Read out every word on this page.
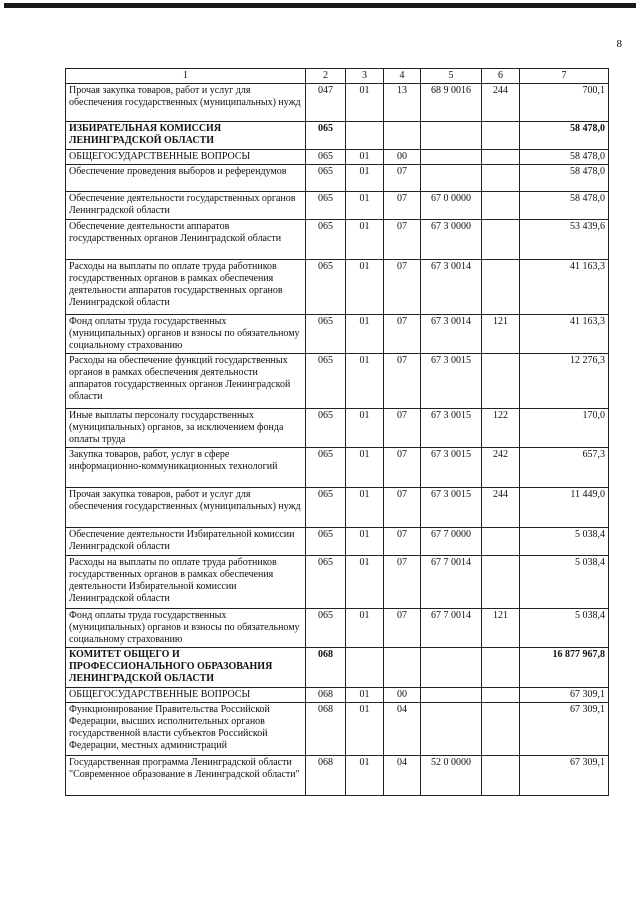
8
1	2	3	4	5	6	7
Прочая закупка товаров, работ и услуг для обеспечения государственных (муниципальных) нужд	047	01	13	68 9 0016	244	700,1
ИЗБИРАТЕЛЬНАЯ КОМИССИЯ ЛЕНИНГРАДСКОЙ ОБЛАСТИ	065					58 478,0
ОБЩЕГОСУДАРСТВЕННЫЕ ВОПРОСЫ	065	01	00			58 478,0
Обеспечение проведения выборов и референдумов	065	01	07			58 478,0
Обеспечение деятельности государственных органов Ленинградской области	065	01	07	67 0 0000		58 478,0
Обеспечение деятельности аппаратов государственных органов Ленинградской области	065	01	07	67 3 0000		53 439,6
Расходы на выплаты по оплате труда работников государственных органов в рамках обеспечения деятельности аппаратов государственных органов Ленинградской области	065	01	07	67 3 0014		41 163,3
Фонд оплаты труда государственных (муниципальных) органов и взносы по обязательному социальному страхованию	065	01	07	67 3 0014	121	41 163,3
Расходы на обеспечение функций государственных органов в рамках обеспечения деятельности аппаратов государственных органов Ленинградской области	065	01	07	67 3 0015		12 276,3
Иные выплаты персоналу государственных (муниципальных) органов, за исключением фонда оплаты труда	065	01	07	67 3 0015	122	170,0
Закупка товаров, работ, услуг в сфере информационно-коммуникационных технологий	065	01	07	67 3 0015	242	657,3
Прочая закупка товаров, работ и услуг для обеспечения государственных (муниципальных) нужд	065	01	07	67 3 0015	244	11 449,0
Обеспечение деятельности Избирательной комиссии Ленинградской области	065	01	07	67 7 0000		5 038,4
Расходы на выплаты по оплате труда работников государственных органов в рамках обеспечения деятельности Избирательной комиссии Ленинградской области	065	01	07	67 7 0014		5 038,4
Фонд оплаты труда государственных (муниципальных) органов и взносы по обязательному социальному страхованию	065	01	07	67 7 0014	121	5 038,4
КОМИТЕТ ОБЩЕГО И ПРОФЕССИОНАЛЬНОГО ОБРАЗОВАНИЯ ЛЕНИНГРАДСКОЙ ОБЛАСТИ	068					16 877 967,8
ОБЩЕГОСУДАРСТВЕННЫЕ ВОПРОСЫ	068	01	00			67 309,1
Функционирование Правительства Российской Федерации, высших исполнительных органов государственной власти субъектов Российской Федерации, местных администраций	068	01	04			67 309,1
Государственная программа Ленинградской области "Современное образование в Ленинградской области"	068	01	04	52 0 0000		67 309,1
